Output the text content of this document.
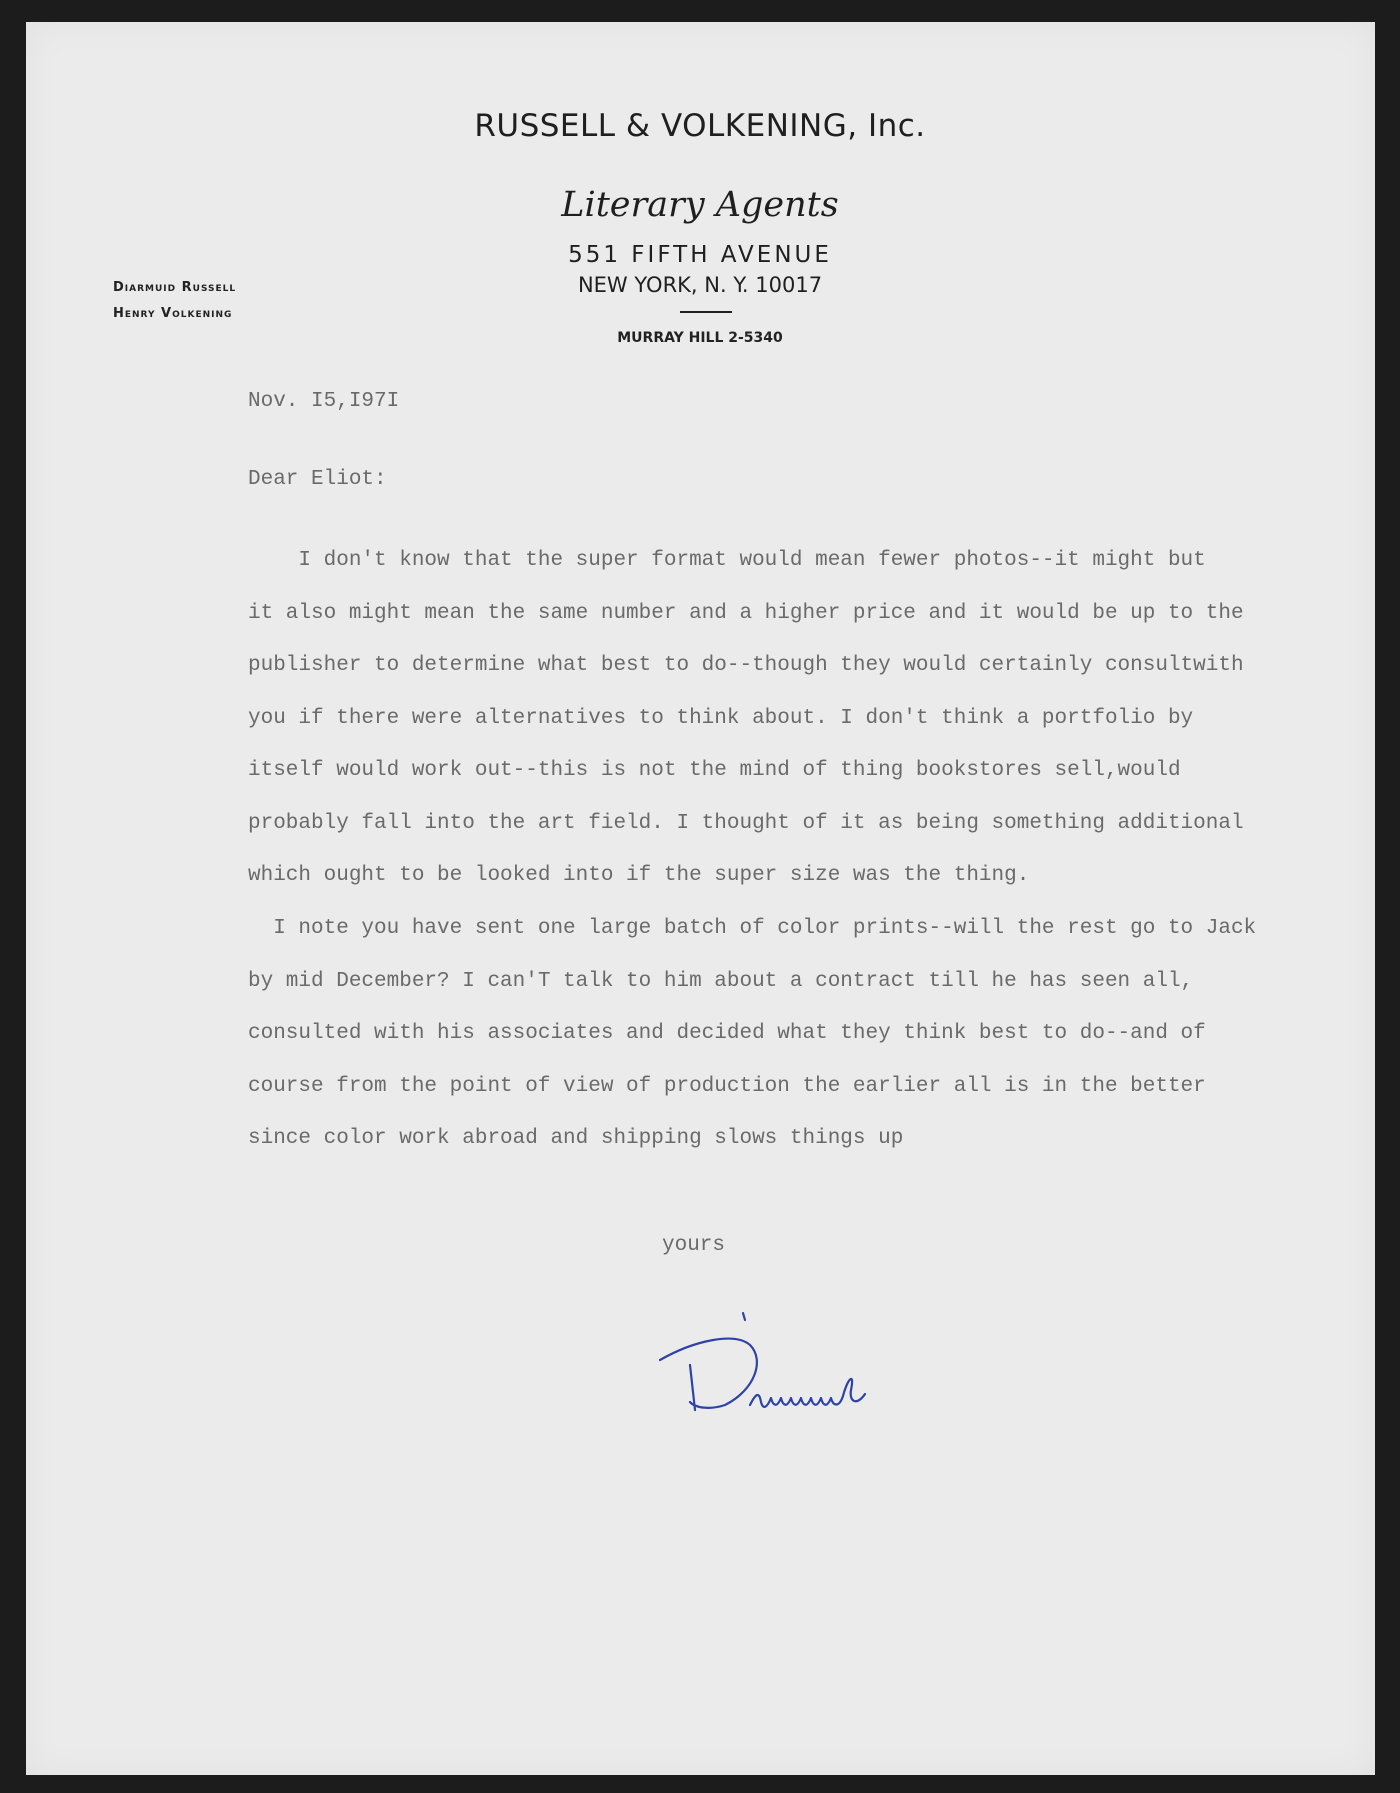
RUSSELL & VOLKENING, Inc.
Literary Agents
551 FIFTH AVENUE
NEW YORK, N. Y. 10017
MURRAY HILL 2-5340
Diarmuid Russell
Henry Volkening
Nov. I5,I97I
Dear Eliot:
I don't know that the super format would mean fewer photos--it might but
it also might mean the same number and a higher price and it would be up to the
publisher to determine what best to do--though they would certainly consultwith
you if there were alternatives to think about. I don't think a portfolio by
itself would work out--this is not the mind of thing bookstores sell,would
probably fall into the art field. I thought of it as being something additional
which ought to be looked into if the super size was the thing.
I note you have sent one large batch of color prints--will the rest go to Jack
by mid December? I can'T talk to him about a contract till he has seen all,
consulted with his associates and decided what they think best to do--and of
course from the point of view of production the earlier all is in the better
since color work abroad and shipping slows things up
yours
